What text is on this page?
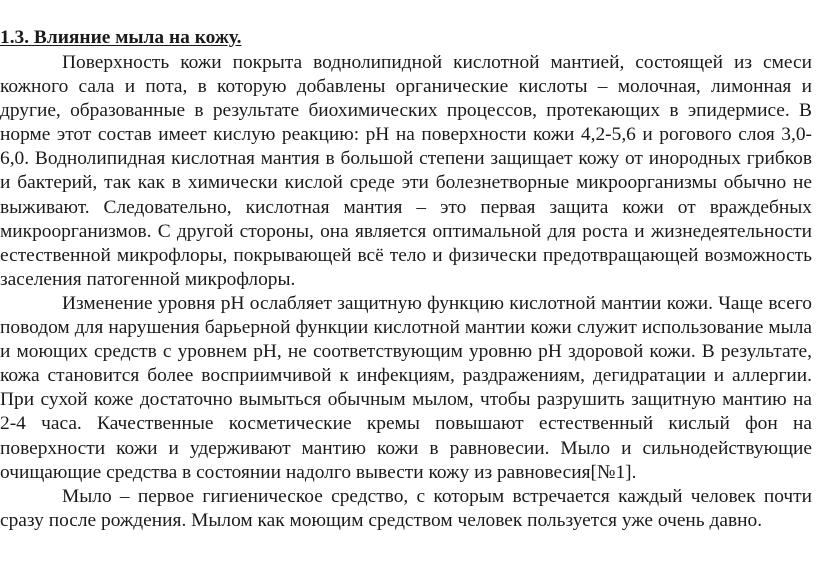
1.3. Влияние мыла на кожу.

Поверхность кожи покрыта воднолипидной кислотной мантией, состоящей из смеси кожного сала и пота, в которую добавлены органические кислоты – молочная, лимонная и другие, образованные в результате биохимических процессов, протекающих в эпидермисе. В норме этот состав имеет кислую реакцию: рН на поверхности кожи 4,2-5,6 и рогового слоя 3,0-6,0. Воднолипидная кислотная мантия в большой степени защищает кожу от инородных грибков и бактерий, так как в химически кислой среде эти болезнетворные микроорганизмы обычно не выживают. Следовательно, кислотная мантия – это первая защита кожи от враждебных микроорганизмов. С другой стороны, она является оптимальной для роста и жизнедеятельности естественной микрофлоры, покрывающей всё тело и физически предотвращающей возможность заселения патогенной микрофлоры.

Изменение уровня рН ослабляет защитную функцию кислотной мантии кожи. Чаще всего поводом для нарушения барьерной функции кислотной мантии кожи служит использование мыла и моющих средств с уровнем рН, не соответствующим уровню рН здоровой кожи. В результате, кожа становится более восприимчивой к инфекциям, раздражениям, дегидратации и аллергии. При сухой коже достаточно вымыться обычным мылом, чтобы разрушить защитную мантию на 2-4 часа. Качественные косметические кремы повышают естественный кислый фон на поверхности кожи и удерживают мантию кожи в равновесии. Мыло и сильнодействующие очищающие средства в состоянии надолго вывести кожу из равновесия[№1].

Мыло – первое гигиеническое средство, с которым встречается каждый человек почти сразу после рождения. Мылом как моющим средством человек пользуется уже очень давно.
